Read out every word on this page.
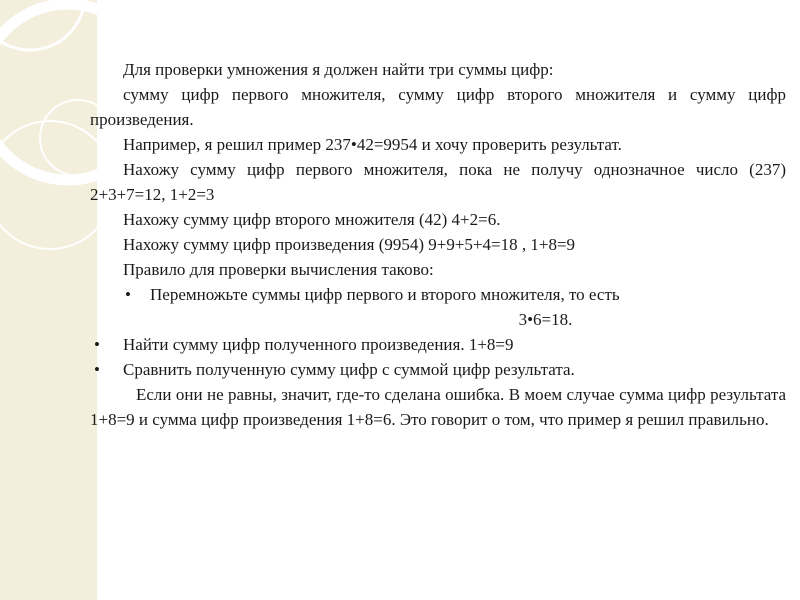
Для проверки умножения я должен найти три суммы цифр:

сумму цифр первого множителя, сумму цифр второго множителя и сумму цифр произведения.

Например, я решил пример 237•42=9954 и хочу проверить результат.

Нахожу сумму цифр первого множителя, пока не получу однозначное число (237) 2+3+7=12, 1+2=3

Нахожу сумму цифр второго множителя (42) 4+2=6.

Нахожу сумму цифр произведения (9954) 9+9+5+4=18 , 1+8=9

Правило для проверки вычисления таково:

•	Перемножьте суммы цифр первого и второго множителя, то есть

3•6=18.

•	Найти сумму цифр полученного произведения. 1+8=9
•	Сравнить полученную сумму цифр с суммой цифр результата.

Если они не равны, значит, где-то сделана ошибка. В моем случае сумма цифр результата 1+8=9 и сумма цифр произведения 1+8=6. Это говорит о том, что пример я решил правильно.
